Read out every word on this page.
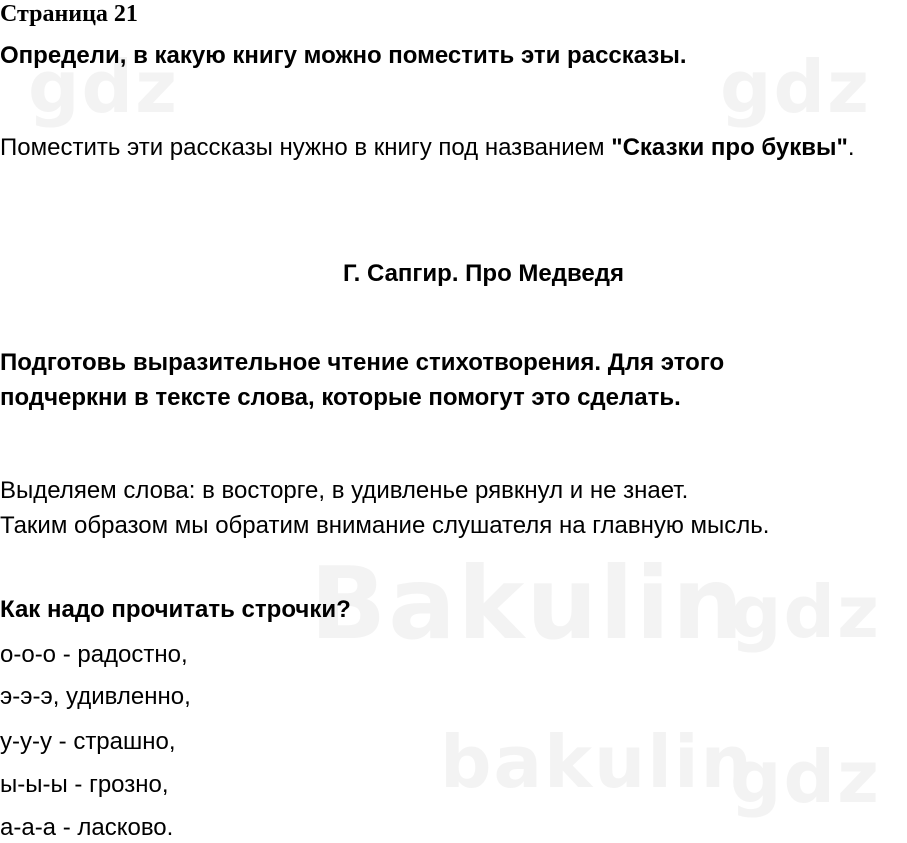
gdz	gdz
Bakulin
bakulin
gdz
gdz
Страница 21

Определи, в какую книгу можно поместить эти рассказы.

Поместить эти рассказы нужно в книгу под названием "Сказки про буквы".

Г. Сапгир. Про Медведя

Подготовь выразительное чтение стихотворения. Для этого
подчеркни в тексте слова, которые помогут это сделать.

Выделяем слова: в восторге, в удивленье рявкнул и не знает.
Таким образом мы обратим внимание слушателя на главную мысль.

Как надо прочитать строчки?

о-о-о - радостно,

э-э-э, удивленно,

у-у-у - страшно,

ы-ы-ы - грозно,

а-а-а - ласково.
